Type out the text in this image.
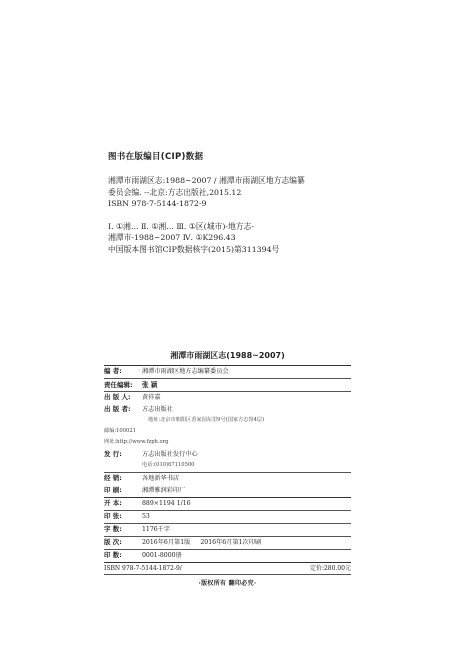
图书在版编目(CIP)数据
湘潭市雨湖区志:1988~2007 / 湘潭市雨湖区地方志编纂
委员会编. --北京:方志出版社,2015.12
ISBN 978-7-5144-1872-9
Ⅰ. ①湘… Ⅱ. ①湘… Ⅲ. ①区(城市)-地方志-
湘潭市-1988~2007 Ⅳ. ①K296.43
中国版本图书馆CIP数据核字(2015)第311394号
湘潭市雨湖区志(1988~2007)
编 者:	湘潭市雨湖区地方志编纂委员会
责任编辑:	张 颖
出 版 人:	黄祥嘉
出 版 者:	方志出版社
地址:北京市朝阳区香家园东里9号(国家方志馆4层)
邮编:100021
网址:http://www.fzph.org
发 行:	方志出版社发行中心
电话:(010)67110500
经 销:	各地新华书店
印 刷:	湘潭雅润彩印厂
开 本:	889×1194 1/16
印 张:	53
字 数:	1176千字
版 次:	2016年6月第1版	2016年6月第1次印刷
印 数:	0001-8000册
ISBN 978-7-5144-1872-9/	定价:280.00元
·版权所有 翻印必究·
